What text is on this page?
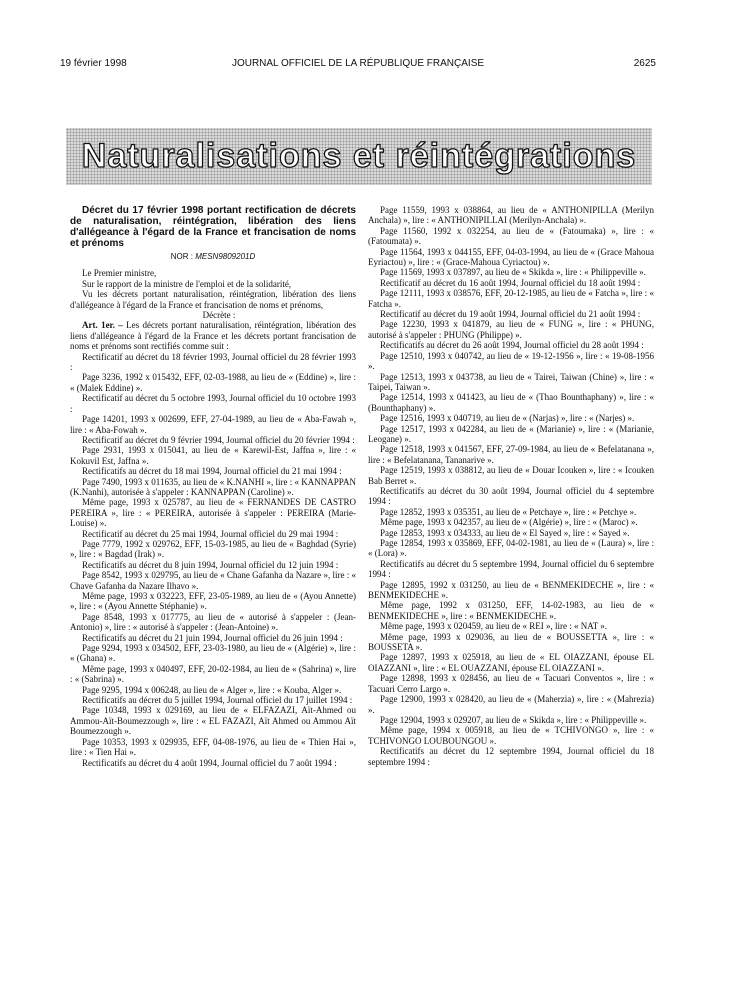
19 février 1998	JOURNAL OFFICIEL DE LA RÉPUBLIQUE FRANÇAISE	2625
Naturalisations et réintégrations

Décret du 17 février 1998 portant rectification de décrets de naturalisation, réintégration, libération des liens d'allégeance à l'égard de la France et francisation de noms et prénoms

NOR : MESN9809201D

Le Premier ministre,

Sur le rapport de la ministre de l'emploi et de la solidarité,

Vu les décrets portant naturalisation, réintégration, libération des liens d'allégeance à l'égard de la France et francisation de noms et prénoms,

Décrète :

Art. 1er. – Les décrets portant naturalisation, réintégration, libération des liens d'allégeance à l'égard de la France et les décrets portant francisation de noms et prénoms sont rectifiés comme suit :

Rectificatif au décret du 18 février 1993, Journal officiel du 28 février 1993 :

Page 3236, 1992 x 015432, EFF, 02-03-1988, au lieu de « (Eddine) », lire : « (Malek Eddine) ».

Rectificatif au décret du 5 octobre 1993, Journal officiel du 10 octobre 1993 :

Page 14201, 1993 x 002699, EFF, 27-04-1989, au lieu de « Aba-Fawah », lire : « Aba-Fowah ».

Rectificatif au décret du 9 février 1994, Journal officiel du 20 février 1994 :

Page 2931, 1993 x 015041, au lieu de « Karewil-Est, Jaffna », lire : « Kokuvil Est, Jaffna ».

Rectificatifs au décret du 18 mai 1994, Journal officiel du 21 mai 1994 :

Page 7490, 1993 x 011635, au lieu de « K.NANHI », lire : « KANNAPPAN (K.Nanhi), autorisée à s'appeler : KANNAPPAN (Caroline) ».

Même page, 1993 x 025787, au lieu de « FERNANDES DE CASTRO PEREIRA », lire : « PEREIRA, autorisée à s'appeler : PEREIRA (Marie-Louise) ».

Rectificatif au décret du 25 mai 1994, Journal officiel du 29 mai 1994 :

Page 7779, 1992 x 029762, EFF, 15-03-1985, au lieu de « Baghdad (Syrie) », lire : « Bagdad (Irak) ».

Rectificatifs au décret du 8 juin 1994, Journal officiel du 12 juin 1994 :

Page 8542, 1993 x 029795, au lieu de « Chane Gafanha da Nazare », lire : « Chave Gafanha da Nazare Ilhavo ».

Même page, 1993 x 032223, EFF, 23-05-1989, au lieu de « (Ayou Annette) », lire : « (Ayou Annette Stéphanie) ».

Page 8548, 1993 x 017775, au lieu de « autorisé à s'appeler : (Jean-Antonio) », lire : « autorisé à s'appeler : (Jean-Antoine) ».

Rectificatifs au décret du 21 juin 1994, Journal officiel du 26 juin 1994 :

Page 9294, 1993 x 034502, EFF, 23-03-1980, au lieu de « (Algérie) », lire : « (Ghana) ».

Même page, 1993 x 040497, EFF, 20-02-1984, au lieu de « (Sahrina) », lire : « (Sabrina) ».

Page 9295, 1994 x 006248, au lieu de « Alger », lire : « Kouba, Alger ».

Rectificatifs au décret du 5 juillet 1994, Journal officiel du 17 juillet 1994 :

Page 10348, 1993 x 029169, au lieu de « ELFAZAZI, Aït-Ahmed ou Ammou-Aït-Boumezzough », lire : « EL FAZAZI, Aït Ahmed ou Ammou Aït Boumezzough ».

Page 10353, 1993 x 029935, EFF, 04-08-1976, au lieu de « Thien Hai », lire : « Tien Hai ».

Rectificatifs au décret du 4 août 1994, Journal officiel du 7 août 1994 :

Page 11559, 1993 x 038864, au lieu de « ANTHONIPILLA (Merilyn Anchala) », lire : « ANTHONIPILLAI (Merilyn-Anchala) ».

Page 11560, 1992 x 032254, au lieu de « (Fatoumaka) », lire : « (Fatoumata) ».

Page 11564, 1993 x 044155, EFF, 04-03-1994, au lieu de « (Grace Mahoua Eyriactou) », lire : « (Grace-Mahoua Cyriactou) ».

Page 11569, 1993 x 037897, au lieu de « Skikda », lire : « Philippeville ».

Rectificatif au décret du 16 août 1994, Journal officiel du 18 août 1994 :

Page 12111, 1993 x 038576, EFF, 20-12-1985, au lieu de « Fatcha », lire : « Fatcha ».

Rectificatif au décret du 19 août 1994, Journal officiel du 21 août 1994 :

Page 12230, 1993 x 041879, au lieu de « FUNG », lire : « PHUNG, autorisé à s'appeler : PHUNG (Philippe) ».

Rectificatifs au décret du 26 août 1994, Journal officiel du 28 août 1994 :

Page 12510, 1993 x 040742, au lieu de « 19-12-1956 », lire : « 19-08-1956 ».

Page 12513, 1993 x 043738, au lieu de « Tairei, Taiwan (Chine) », lire : « Taipei, Taiwan ».

Page 12514, 1993 x 041423, au lieu de « (Thao Bounthaphany) », lire : « (Bounthaphany) ».

Page 12516, 1993 x 040719, au lieu de « (Narjas) », lire : « (Narjes) ».

Page 12517, 1993 x 042284, au lieu de « (Marianie) », lire : « (Marianie, Leogane) ».

Page 12518, 1993 x 041567, EFF, 27-09-1984, au lieu de « Befelatanana », lire : « Befelatanana, Tananarive ».

Page 12519, 1993 x 038812, au lieu de « Douar Icouken », lire : « Icouken Bab Berret ».

Rectificatifs au décret du 30 août 1994, Journal officiel du 4 septembre 1994 :

Page 12852, 1993 x 035351, au lieu de « Petchaye », lire : « Petchye ».

Même page, 1993 x 042357, au lieu de « (Algérie) », lire : « (Maroc) ».

Page 12853, 1993 x 034333, au lieu de « El Sayed », lire : « Sayed ».

Page 12854, 1993 x 035869, EFF, 04-02-1981, au lieu de « (Laura) », lire : « (Lora) ».

Rectificatifs au décret du 5 septembre 1994, Journal officiel du 6 septembre 1994 :

Page 12895, 1992 x 031250, au lieu de « BENMEKIDECHE », lire : « BENMEKIDECHE ».

Même page, 1992 x 031250, EFF, 14-02-1983, au lieu de « BENMEKIDECHE », lire : « BENMEKIDECHE ».

Même page, 1993 x 020459, au lieu de « REI », lire : « NAT ».

Même page, 1993 x 029036, au lieu de « BOUSSETTA », lire : « BOUSSETA ».

Page 12897, 1993 x 025918, au lieu de « EL OIAZZANI, épouse EL OIAZZANI », lire : « EL OUAZZANI, épouse EL OIAZZANI ».

Page 12898, 1993 x 028456, au lieu de « Tacuari Conventos », lire : « Tacuari Cerro Largo ».

Page 12900, 1993 x 028420, au lieu de « (Maherzia) », lire : « (Mahrezia) ».

Page 12904, 1993 x 029207, au lieu de « Skikda », lire : « Philippeville ».

Même page, 1994 x 005918, au lieu de « TCHIVONGO », lire : « TCHIVONGO LOUBOUNGOU ».

Rectificatifs au décret du 12 septembre 1994, Journal officiel du 18 septembre 1994 :
